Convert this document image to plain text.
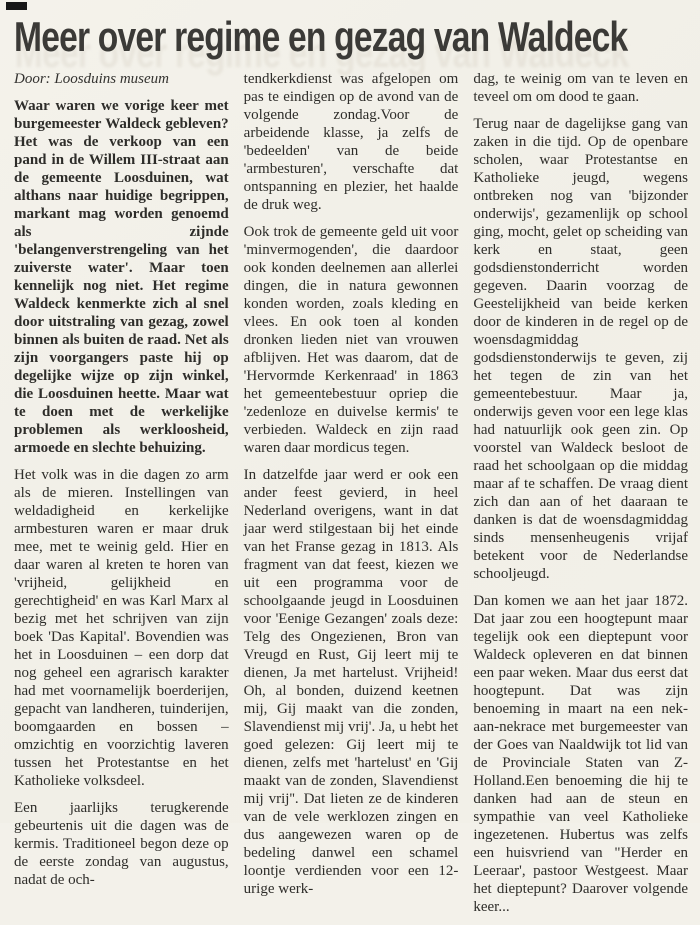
Meer over regime en gezag van Waldeck

Door: Loosduins museum

Waar waren we vorige keer met burgemeester Waldeck gebleven? Het was de verkoop van een pand in de Willem III-straat aan de gemeente Loosduinen, wat althans naar huidige begrippen, markant mag worden genoemd als zijnde 'belangenverstrengeling van het zuiverste water'. Maar toen kennelijk nog niet. Het regime Waldeck kenmerkte zich al snel door uitstraling van gezag, zowel binnen als buiten de raad. Net als zijn voorgangers paste hij op degelijke wijze op zijn winkel, die Loosduinen heette. Maar wat te doen met de werkelijke problemen als werkloosheid, armoede en slechte behuizing.

Het volk was in die dagen zo arm als de mieren. Instellingen van weldadigheid en kerkelijke armbesturen waren er maar druk mee, met te weinig geld. Hier en daar waren al kreten te horen van 'vrijheid, gelijkheid en gerechtigheid' en was Karl Marx al bezig met het schrijven van zijn boek 'Das Kapital'. Bovendien was het in Loosduinen – een dorp dat nog geheel een agrarisch karakter had met voornamelijk boerderijen, gepacht van landheren, tuinderijen, boomgaarden en bossen – omzichtig en voorzichtig laveren tussen het Protestantse en het Katholieke volksdeel.

Een jaarlijks terugkerende gebeurtenis uit die dagen was de kermis. Traditioneel begon deze op de eerste zondag van augustus, nadat de och-

tendkerkdienst was afgelopen om pas te eindigen op de avond van de volgende zondag.Voor de arbeidende klasse, ja zelfs de 'bedeelden' van de beide 'armbesturen', verschafte dat ontspanning en plezier, het haalde de druk weg.

Ook trok de gemeente geld uit voor 'minvermogenden', die daardoor ook konden deelnemen aan allerlei dingen, die in natura gewonnen konden worden, zoals kleding en vlees. En ook toen al konden dronken lieden niet van vrouwen afblijven. Het was daarom, dat de 'Hervormde Kerkenraad' in 1863 het gemeentebestuur opriep die 'zedenloze en duivelse kermis' te verbieden. Waldeck en zijn raad waren daar mordicus tegen.

In datzelfde jaar werd er ook een ander feest gevierd, in heel Nederland overigens, want in dat jaar werd stilgestaan bij het einde van het Franse gezag in 1813. Als fragment van dat feest, kiezen we uit een programma voor de schoolgaande jeugd in Loosduinen voor 'Eenige Gezangen' zoals deze: Telg des Ongezienen, Bron van Vreugd en Rust, Gij leert mij te dienen, Ja met hartelust. Vrijheid! Oh, al bonden, duizend keetnen mij, Gij maakt van die zonden, Slavendienst mij vrij'. Ja, u hebt het goed gelezen: Gij leert mij te dienen, zelfs met 'hartelust' en 'Gij maakt van de zonden, Slavendienst mij vrij''. Dat lieten ze de kinderen van de vele werklozen zingen en dus aangewezen waren op de bedeling danwel een schamel loontje verdienden voor een 12-urige werk-

dag, te weinig om van te leven en teveel om om dood te gaan.

Terug naar de dagelijkse gang van zaken in die tijd. Op de openbare scholen, waar Protestantse en Katholieke jeugd, wegens ontbreken nog van 'bijzonder onderwijs', gezamenlijk op school ging, mocht, gelet op scheiding van kerk en staat, geen godsdienstonderricht worden gegeven. Daarin voorzag de Geestelijkheid van beide kerken door de kinderen in de regel op de woensdagmiddag godsdienstonderwijs te geven, zij het tegen de zin van het gemeentebestuur. Maar ja, onderwijs geven voor een lege klas had natuurlijk ook geen zin. Op voorstel van Waldeck besloot de raad het schoolgaan op die middag maar af te schaffen. De vraag dient zich dan aan of het daaraan te danken is dat de woensdagmiddag sinds mensenheugenis vrijaf betekent voor de Nederlandse schooljeugd.

Dan komen we aan het jaar 1872. Dat jaar zou een hoogtepunt maar tegelijk ook een dieptepunt voor Waldeck opleveren en dat binnen een paar weken. Maar dus eerst dat hoogtepunt. Dat was zijn benoeming in maart na een nek-aan-nekrace met burgemeester van der Goes van Naaldwijk tot lid van de Provinciale Staten van Z-Holland.Een benoeming die hij te danken had aan de steun en sympathie van veel Katholieke ingezetenen. Hubertus was zelfs een huisvriend van "Herder en Leeraar', pastoor Westgeest. Maar het dieptepunt? Daarover volgende keer...
